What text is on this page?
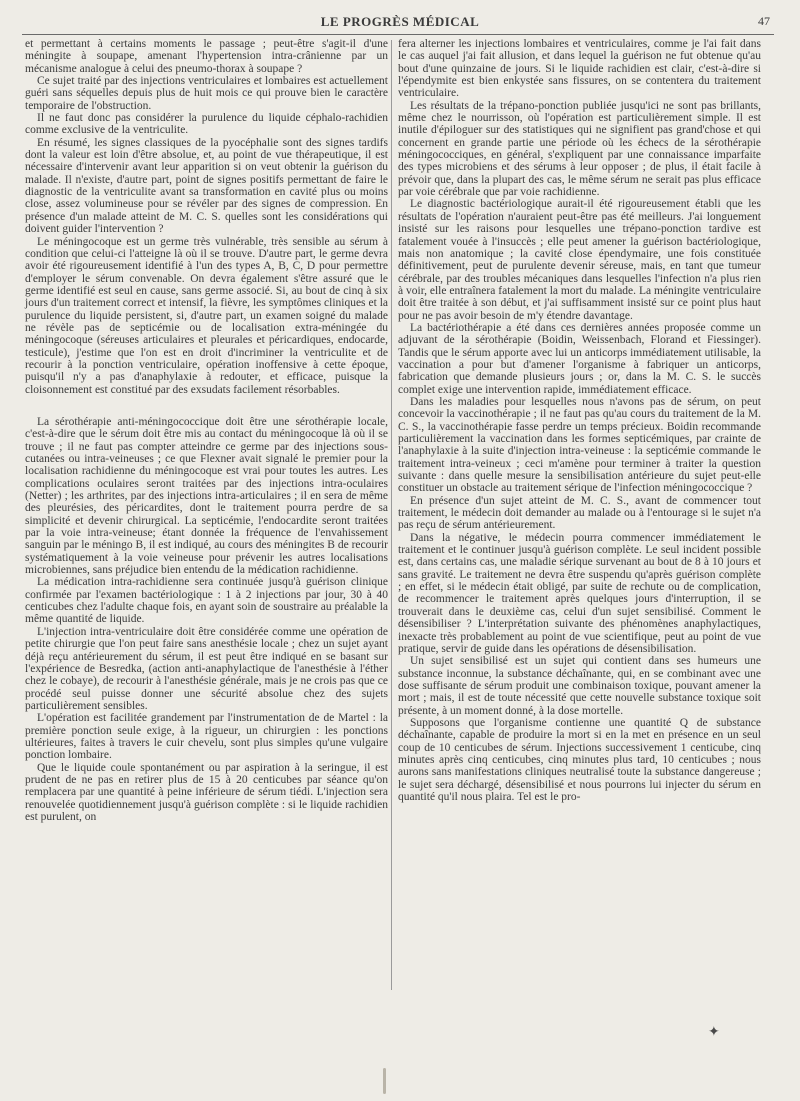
LE PROGRÈS MÉDICAL	47

et permettant à certains moments le passage ; peut-être s'agit-il d'une méningite à soupape, amenant l'hypertension intra-crânienne par un mécanisme analogue à celui des pneumo-thorax à soupape ?

Ce sujet traité par des injections ventriculaires et lombaires est actuellement guéri sans séquelles depuis plus de huit mois ce qui prouve bien le caractère temporaire de l'obstruction.

Il ne faut donc pas considérer la purulence du liquide céphalo-rachidien comme exclusive de la ventriculite.

En résumé, les signes classiques de la pyocéphalie sont des signes tardifs dont la valeur est loin d'être absolue, et, au point de vue thérapeutique, il est nécessaire d'intervenir avant leur apparition si on veut obtenir la guérison du malade. Il n'existe, d'autre part, point de signes positifs permettant de faire le diagnostic de la ventriculite avant sa transformation en cavité plus ou moins close, assez volumineuse pour se révéler par des signes de compression. En présence d'un malade atteint de M. C. S. quelles sont les considérations qui doivent guider l'intervention ?

Le méningocoque est un germe très vulnérable, très sensible au sérum à condition que celui-ci l'atteigne là où il se trouve. D'autre part, le germe devra avoir été rigoureusement identifié à l'un des types A, B, C, D pour permettre d'employer le sérum convenable. On devra également s'être assuré que le germe identifié est seul en cause, sans germe associé. Si, au bout de cinq à six jours d'un traitement correct et intensif, la fièvre, les symptômes cliniques et la purulence du liquide persistent, si, d'autre part, un examen soigné du malade ne révèle pas de septicémie ou de localisation extra-méningée du méningocoque (séreuses articulaires et pleurales et péricardiques, endocarde, testicule), j'estime que l'on est en droit d'incriminer la ventriculite et de recourir à la ponction ventriculaire, opération inoffensive à cette époque, puisqu'il n'y a pas d'anaphylaxie à redouter, et efficace, puisque la cloisonnement est constitué par des exsudats facilement résorbables.

La sérothérapie anti-méningococcique doit être une sérothérapie locale, c'est-à-dire que le sérum doit être mis au contact du méningocoque là où il se trouve ; il ne faut pas compter atteindre ce germe par des injections sous-cutanées ou intra-veineuses ; ce que Flexner avait signalé le premier pour la localisation rachidienne du méningocoque est vrai pour toutes les autres. Les complications oculaires seront traitées par des injections intra-oculaires (Netter) ; les arthrites, par des injections intra-articulaires ; il en sera de même des pleurésies, des péricardites, dont le traitement pourra perdre de sa simplicité et devenir chirurgical. La septicémie, l'endocardite seront traitées par la voie intra-veineuse; étant donnée la fréquence de l'envahissement sanguin par le méningo B, il est indiqué, au cours des méningites B de recourir systématiquement à la voie veineuse pour prévenir les autres localisations microbiennes, sans préjudice bien entendu de la médication rachidienne.

La médication intra-rachidienne sera continuée jusqu'à guérison clinique confirmée par l'examen bactériologique : 1 à 2 injections par jour, 30 à 40 centicubes chez l'adulte chaque fois, en ayant soin de soustraire au préalable la même quantité de liquide.

L'injection intra-ventriculaire doit être considérée comme une opération de petite chirurgie que l'on peut faire sans anesthésie locale ; chez un sujet ayant déjà reçu antérieurement du sérum, il est peut être indiqué en se basant sur l'expérience de Besredka, (action anti-anaphylactique de l'anesthésie à l'éther chez le cobaye), de recourir à l'anesthésie générale, mais je ne crois pas que ce procédé seul puisse donner une sécurité absolue chez des sujets particulièrement sensibles.

L'opération est facilitée grandement par l'instrumentation de de Martel : la première ponction seule exige, à la rigueur, un chirurgien : les ponctions ultérieures, faites à travers le cuir chevelu, sont plus simples qu'une vulgaire ponction lombaire.

Que le liquide coule spontanément ou par aspiration à la seringue, il est prudent de ne pas en retirer plus de 15 à 20 centicubes par séance qu'on remplacera par une quantité à peine inférieure de sérum tiédi. L'injection sera renouvelée quotidiennement jusqu'à guérison complète : si le liquide rachidien est purulent, on

fera alterner les injections lombaires et ventriculaires, comme je l'ai fait dans le cas auquel j'ai fait allusion, et dans lequel la guérison ne fut obtenue qu'au bout d'une quinzaine de jours. Si le liquide rachidien est clair, c'est-à-dire si l'épendymite est bien enkystée sans fissures, on se contentera du traitement ventriculaire.

Les résultats de la trépano-ponction publiée jusqu'ici ne sont pas brillants, même chez le nourrisson, où l'opération est particulièrement simple. Il est inutile d'épiloguer sur des statistiques qui ne signifient pas grand'chose et qui concernent en grande partie une période où les échecs de la sérothérapie méningococciques, en général, s'expliquent par une connaissance imparfaite des types microbiens et des sérums à leur opposer ; de plus, il était facile à prévoir que, dans la plupart des cas, le même sérum ne serait pas plus efficace par voie cérébrale que par voie rachidienne.

Le diagnostic bactériologique aurait-il été rigoureusement établi que les résultats de l'opération n'auraient peut-être pas été meilleurs. J'ai longuement insisté sur les raisons pour lesquelles une trépano-ponction tardive est fatalement vouée à l'insuccès ; elle peut amener la guérison bactériologique, mais non anatomique ; la cavité close épendymaire, une fois constituée définitivement, peut de purulente devenir séreuse, mais, en tant que tumeur cérébrale, par des troubles mécaniques dans lesquelles l'infection n'a plus rien à voir, elle entraînera fatalement la mort du malade. La méningite ventriculaire doit être traitée à son début, et j'ai suffisamment insisté sur ce point plus haut pour ne pas avoir besoin de m'y étendre davantage.

La bactériothérapie a été dans ces dernières années proposée comme un adjuvant de la sérothérapie (Boidin, Weissenbach, Florand et Fiessinger). Tandis que le sérum apporte avec lui un anticorps immédiatement utilisable, la vaccination a pour but d'amener l'organisme à fabriquer un anticorps, fabrication que demande plusieurs jours ; or, dans la M. C. S. le succès complet exige une intervention rapide, immédiatement efficace.

Dans les maladies pour lesquelles nous n'avons pas de sérum, on peut concevoir la vaccinothérapie ; il ne faut pas qu'au cours du traitement de la M. C. S., la vaccinothérapie fasse perdre un temps précieux. Boidin recommande particulièrement la vaccination dans les formes septicémiques, par crainte de l'anaphylaxie à la suite d'injection intra-veineuse : la septicémie commande le traitement intra-veineux ; ceci m'amène pour terminer à traiter la question suivante : dans quelle mesure la sensibilisation antérieure du sujet peut-elle constituer un obstacle au traitement sérique de l'infection méningococcique ?

En présence d'un sujet atteint de M. C. S., avant de commencer tout traitement, le médecin doit demander au malade ou à l'entourage si le sujet n'a pas reçu de sérum antérieurement.

Dans la négative, le médecin pourra commencer immédiatement le traitement et le continuer jusqu'à guérison complète. Le seul incident possible est, dans certains cas, une maladie sérique survenant au bout de 8 à 10 jours et sans gravité. Le traitement ne devra être suspendu qu'après guérison complète ; en effet, si le médecin était obligé, par suite de rechute ou de complication, de recommencer le traitement après quelques jours d'interruption, il se trouverait dans le deuxième cas, celui d'un sujet sensibilisé. Comment le désensibiliser ? L'interprétation suivante des phénomènes anaphylactiques, inexacte très probablement au point de vue scientifique, peut au point de vue pratique, servir de guide dans les opérations de désensibilisation.

Un sujet sensibilisé est un sujet qui contient dans ses humeurs une substance inconnue, la substance déchaînante, qui, en se combinant avec une dose suffisante de sérum produit une combinaison toxique, pouvant amener la mort ; mais, il est de toute nécessité que cette nouvelle substance toxique soit présente, à un moment donné, à la dose mortelle.

Supposons que l'organisme contienne une quantité Q de substance déchaînante, capable de produire la mort si en la met en présence en un seul coup de 10 centicubes de sérum. Injections successivement 1 centicube, cinq minutes après cinq centicubes, cinq minutes plus tard, 10 centicubes ; nous aurons sans manifestations cliniques neutralisé toute la substance dangereuse ; le sujet sera déchargé, désensibilisé et nous pourrons lui injecter du sérum en quantité qu'il nous plaira. Tel est le pro-

✦
